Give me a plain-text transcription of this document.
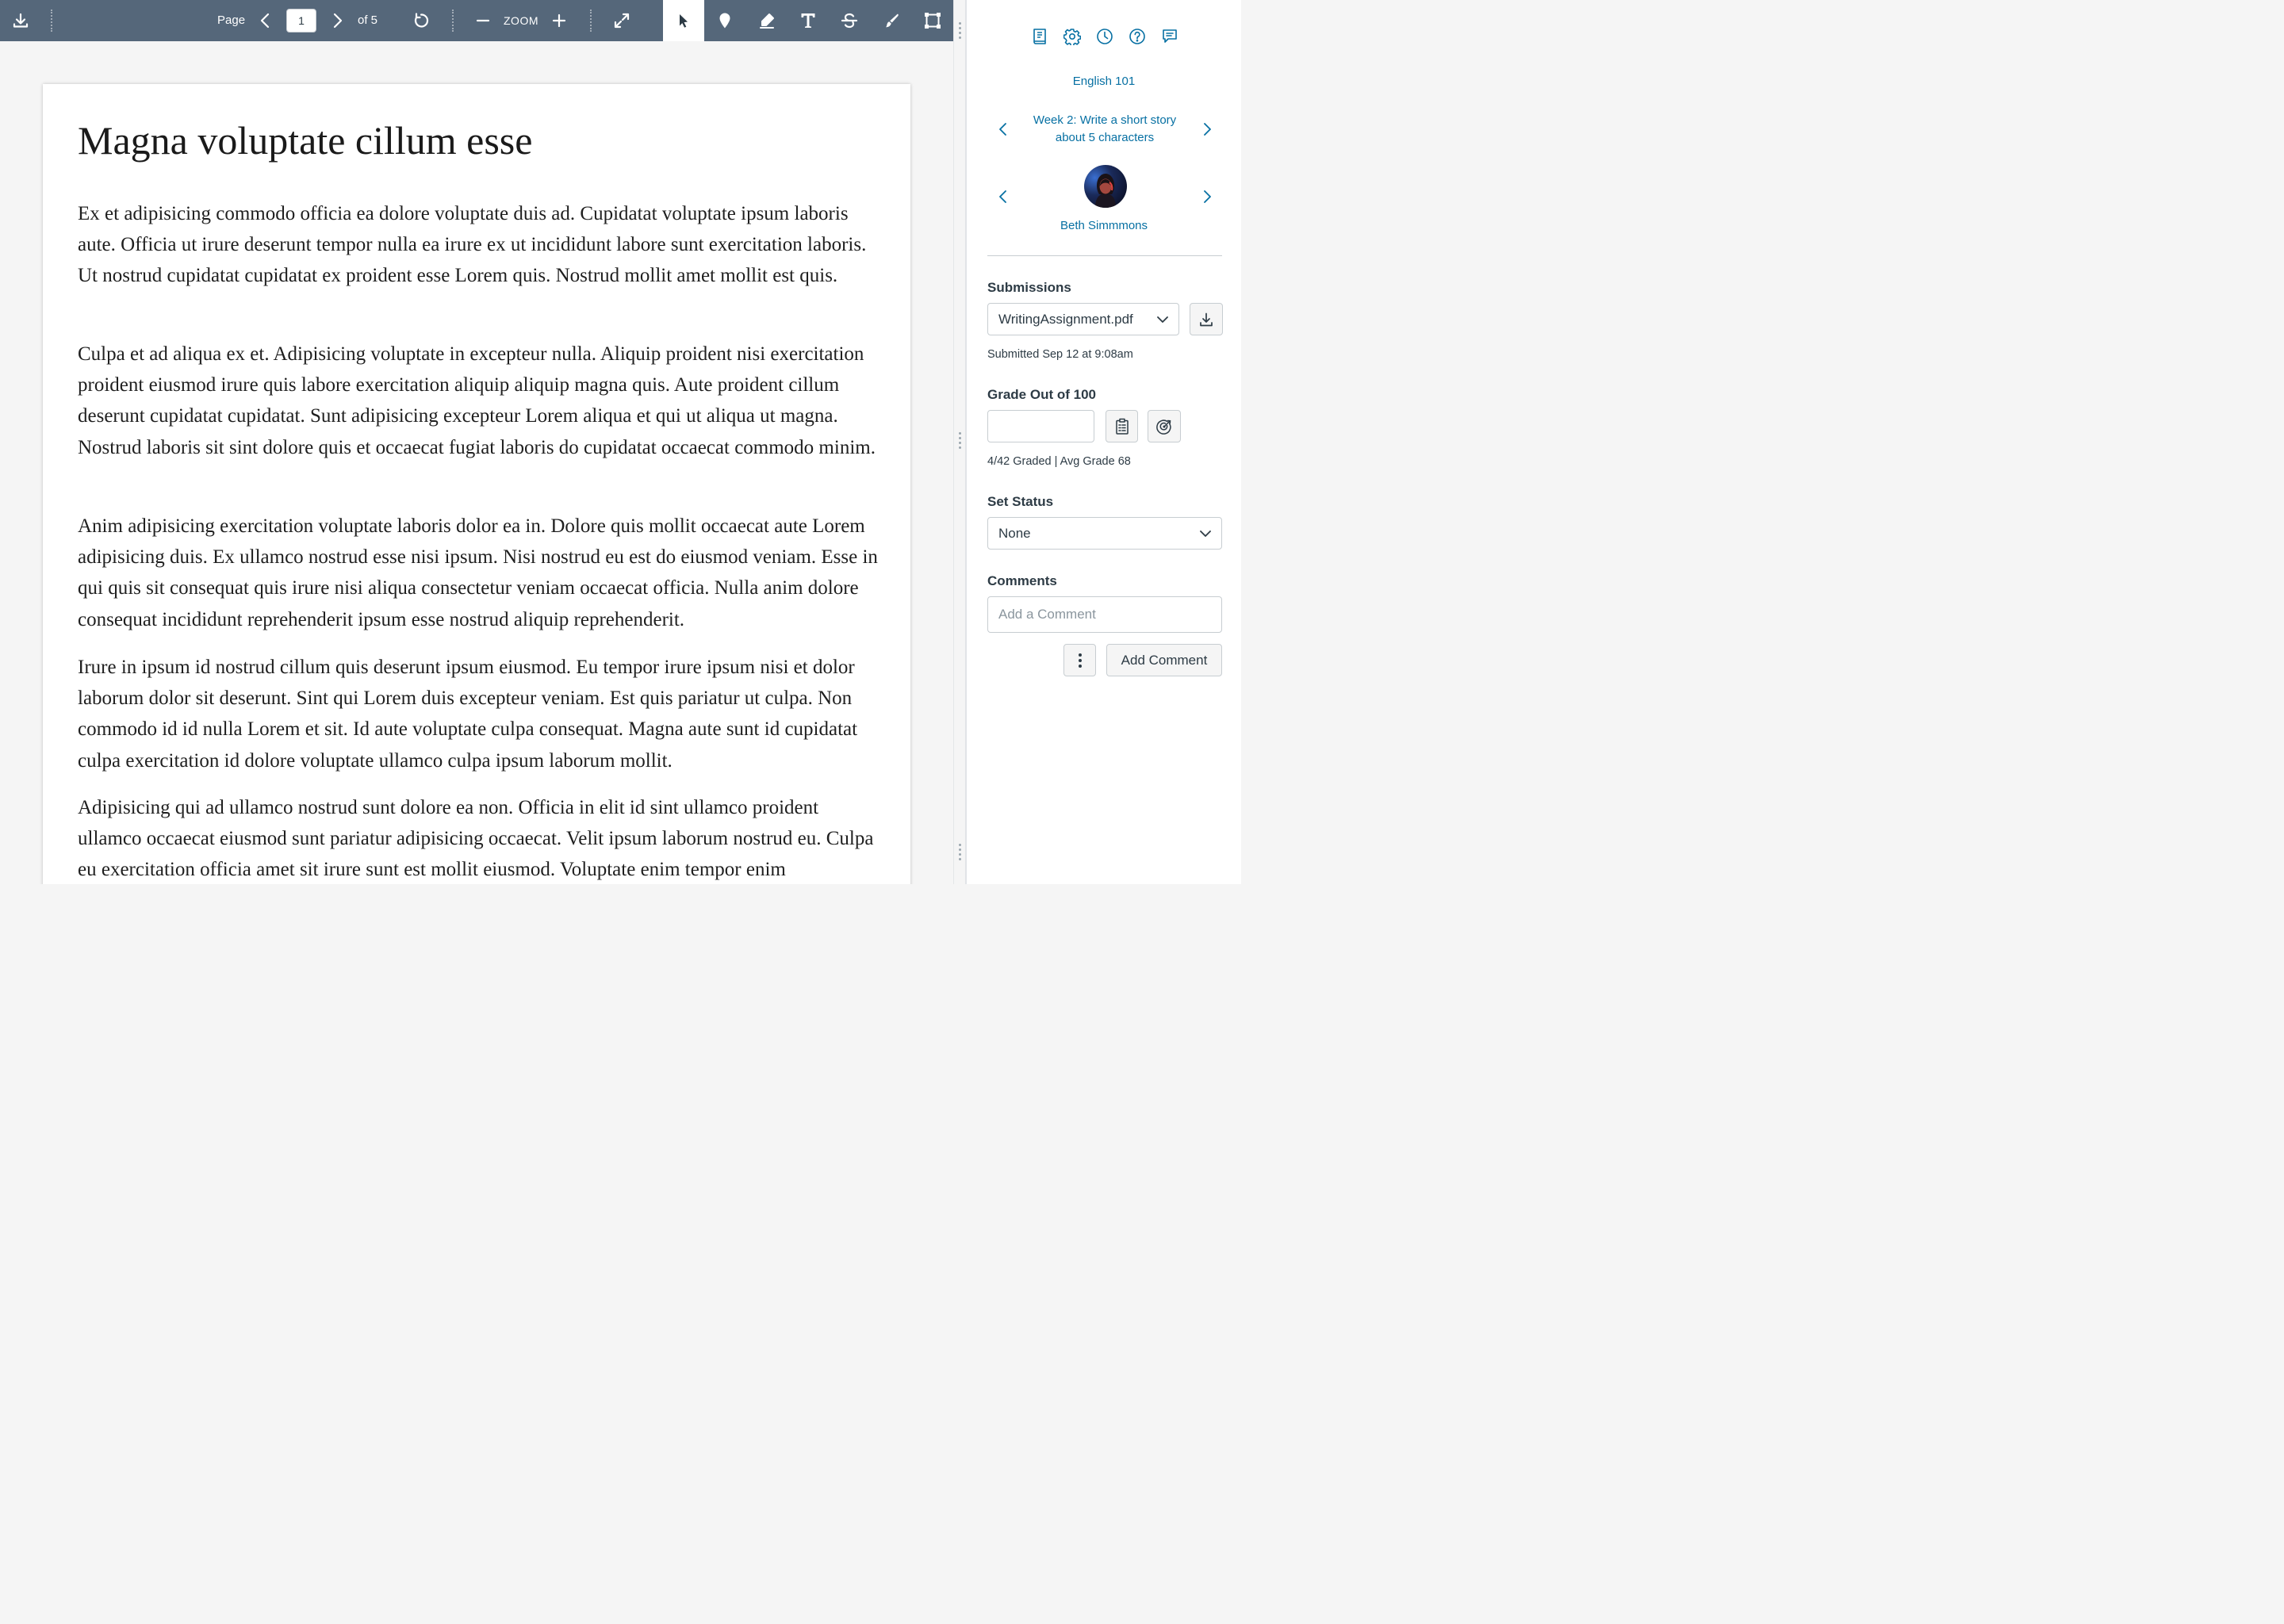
Page	1	of 5	ZOOM
Magna voluptate cillum esse

Ex et adipisicing commodo officia ea dolore voluptate duis ad. Cupidatat voluptate ipsum laboris aute. Officia ut irure deserunt tempor nulla ea irure ex ut incididunt labore sunt exercitation laboris. Ut nostrud cupidatat cupidatat ex proident esse Lorem quis. Nostrud mollit amet mollit est quis.

Culpa et ad aliqua ex et. Adipisicing voluptate in excepteur nulla. Aliquip proident nisi exercitation proident eiusmod irure quis labore exercitation aliquip aliquip magna quis. Aute proident cillum deserunt cupidatat cupidatat. Sunt adipisicing excepteur Lorem aliqua et qui ut aliqua ut magna. Nostrud laboris sit sint dolore quis et occaecat fugiat laboris do cupidatat occaecat commodo minim.

Anim adipisicing exercitation voluptate laboris dolor ea in. Dolore quis mollit occaecat aute Lorem adipisicing duis. Ex ullamco nostrud esse nisi ipsum. Nisi nostrud eu est do eiusmod veniam. Esse in qui quis sit consequat quis irure nisi aliqua consectetur veniam occaecat officia. Nulla anim dolore consequat incididunt reprehenderit ipsum esse nostrud aliquip reprehenderit.

Irure in ipsum id nostrud cillum quis deserunt ipsum eiusmod. Eu tempor irure ipsum nisi et dolor laborum dolor sit deserunt. Sint qui Lorem duis excepteur veniam. Est quis pariatur ut culpa. Non commodo id id nulla Lorem et sit. Id aute voluptate culpa consequat. Magna aute sunt id cupidatat culpa exercitation id dolore voluptate ullamco culpa ipsum laborum mollit.

Adipisicing qui ad ullamco nostrud sunt dolore ea non. Officia in elit id sint ullamco proident ullamco occaecat eiusmod sunt pariatur adipisicing occaecat. Velit ipsum laborum nostrud eu. Culpa eu exercitation officia amet sit irure sunt est mollit eiusmod. Voluptate enim tempor enim

English 101
Week 2: Write a short story about 5 characters
Beth Simmmons
Submissions
WritingAssignment.pdf
Submitted Sep 12 at 9:08am
Grade Out of 100
4/42 Graded | Avg Grade 68
Set Status
None
Comments
Add a Comment
Add Comment
